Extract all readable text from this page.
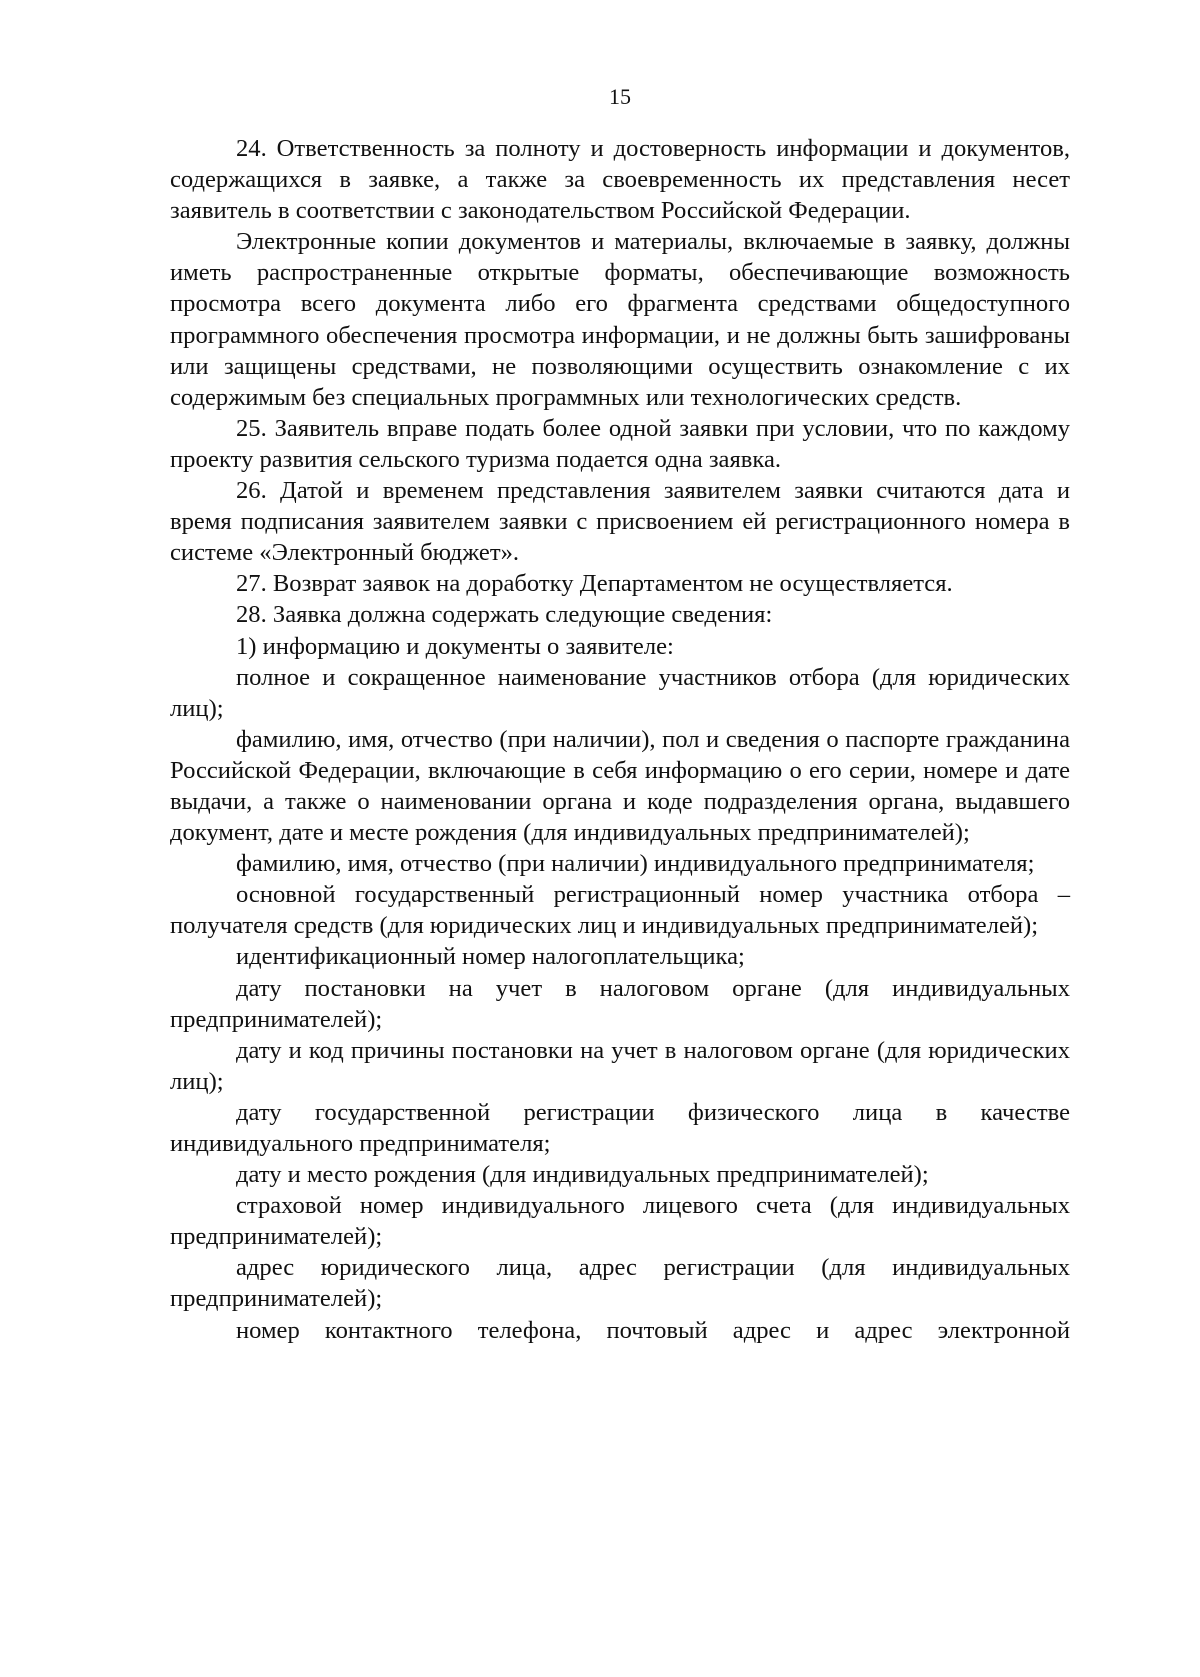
15

24. Ответственность за полноту и достоверность информации и документов, содержащихся в заявке, а также за своевременность их представления несет заявитель в соответствии с законодательством Российской Федерации.

Электронные копии документов и материалы, включаемые в заявку, должны иметь распространенные открытые форматы, обеспечивающие возможность просмотра всего документа либо его фрагмента средствами общедоступного программного обеспечения просмотра информации, и не должны быть зашифрованы или защищены средствами, не позволяющими осуществить ознакомление с их содержимым без специальных программных или технологических средств.

25. Заявитель вправе подать более одной заявки при условии, что по каждому проекту развития сельского туризма подается одна заявка.

26. Датой и временем представления заявителем заявки считаются дата и время подписания заявителем заявки с присвоением ей регистрационного номера в системе «Электронный бюджет».

27. Возврат заявок на доработку Департаментом не осуществляется.

28. Заявка должна содержать следующие сведения:

1) информацию и документы о заявителе:

полное и сокращенное наименование участников отбора (для юридических лиц);

фамилию, имя, отчество (при наличии), пол и сведения о паспорте гражданина Российской Федерации, включающие в себя информацию о его серии, номере и дате выдачи, а также о наименовании органа и коде подразделения органа, выдавшего документ, дате и месте рождения (для индивидуальных предпринимателей);

фамилию, имя, отчество (при наличии) индивидуального предпринимателя;

основной государственный регистрационный номер участника отбора – получателя средств (для юридических лиц и индивидуальных предпринимателей);

идентификационный номер налогоплательщика;

дату постановки на учет в налоговом органе (для индивидуальных предпринимателей);

дату и код причины постановки на учет в налоговом органе (для юридических лиц);

дату государственной регистрации физического лица в качестве индивидуального предпринимателя;

дату и место рождения (для индивидуальных предпринимателей);

страховой номер индивидуального лицевого счета (для индивидуальных предпринимателей);

адрес юридического лица, адрес регистрации (для индивидуальных предпринимателей);

номер контактного телефона, почтовый адрес и адрес электронной
